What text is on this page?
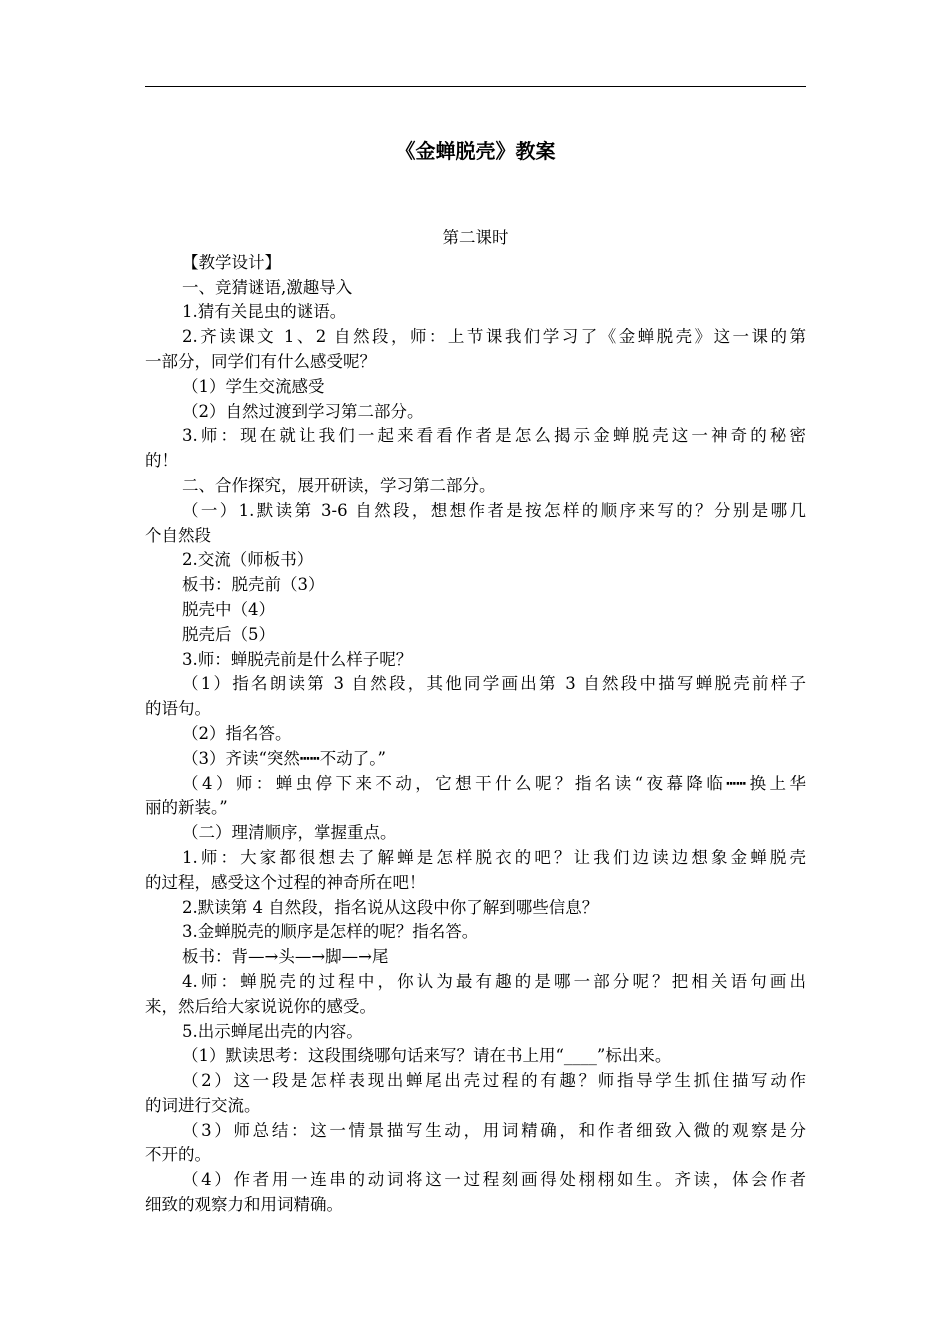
《金蝉脱壳》教案
第二课时
【教学设计】
一、竞猜谜语,激趣导入
1.猜有关昆虫的谜语。
2.齐读课文 1、2 自然段，师：上节课我们学习了《金蝉脱壳》这一课的第
一部分，同学们有什么感受呢？
（1）学生交流感受
（2）自然过渡到学习第二部分。
3.师：现在就让我们一起来看看作者是怎么揭示金蝉脱壳这一神奇的秘密
的！
二、合作探究，展开研读，学习第二部分。
（一）1.默读第 3-6 自然段，想想作者是按怎样的顺序来写的？分别是哪几
个自然段
2.交流（师板书）
板书：脱壳前（3）
脱壳中（4）
脱壳后（5）
3.师：蝉脱壳前是什么样子呢？
（1）指名朗读第 3 自然段，其他同学画出第 3 自然段中描写蝉脱壳前样子
的语句。
（2）指名答。
（3）齐读“突然┅┅不动了。”
（4）师：蝉虫停下来不动，它想干什么呢？指名读“夜幕降临┅┅换上华
丽的新装。”
（二）理清顺序，掌握重点。
1.师：大家都很想去了解蝉是怎样脱衣的吧？让我们边读边想象金蝉脱壳
的过程，感受这个过程的神奇所在吧！
2.默读第 4 自然段，指名说从这段中你了解到哪些信息？
3.金蝉脱壳的顺序是怎样的呢？指名答。
板书：背—→头—→脚—→尾
4.师：蝉脱壳的过程中，你认为最有趣的是哪一部分呢？把相关语句画出
来，然后给大家说说你的感受。
5.出示蝉尾出壳的内容。
（1）默读思考：这段围绕哪句话来写？请在书上用“____”标出来。
（2）这一段是怎样表现出蝉尾出壳过程的有趣？师指导学生抓住描写动作
的词进行交流。
（3）师总结：这一情景描写生动，用词精确，和作者细致入微的观察是分
不开的。
（4）作者用一连串的动词将这一过程刻画得处栩栩如生。齐读，体会作者
细致的观察力和用词精确。
